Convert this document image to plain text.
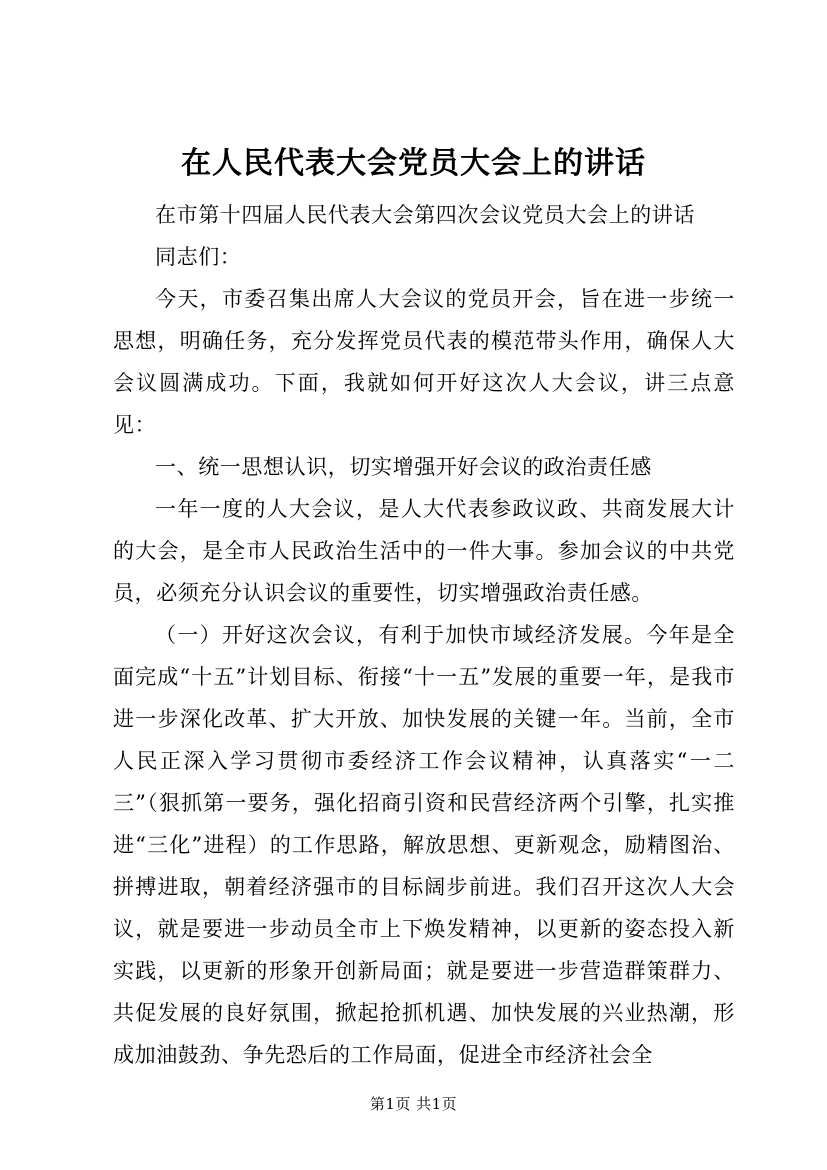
在人民代表大会党员大会上的讲话

在市第十四届人民代表大会第四次会议党员大会上的讲话

同志们：

今天，市委召集出席人大会议的党员开会，旨在进一步统一思想，明确任务，充分发挥党员代表的模范带头作用，确保人大会议圆满成功。下面，我就如何开好这次人大会议，讲三点意见：

一、统一思想认识，切实增强开好会议的政治责任感

一年一度的人大会议，是人大代表参政议政、共商发展大计的大会，是全市人民政治生活中的一件大事。参加会议的中共党员，必须充分认识会议的重要性，切实增强政治责任感。

（一）开好这次会议，有利于加快市域经济发展。今年是全面完成“十五”计划目标、衔接“十一五”发展的重要一年，是我市进一步深化改革、扩大开放、加快发展的关键一年。当前，全市人民正深入学习贯彻市委经济工作会议精神，认真落实“一二三”（狠抓第一要务，强化招商引资和民营经济两个引擎，扎实推进“三化”进程）的工作思路，解放思想、更新观念，励精图治、拼搏进取，朝着经济强市的目标阔步前进。我们召开这次人大会议，就是要进一步动员全市上下焕发精神，以更新的姿态投入新实践，以更新的形象开创新局面；就是要进一步营造群策群力、共促发展的良好氛围，掀起抢抓机遇、加快发展的兴业热潮，形成加油鼓劲、争先恐后的工作局面，促进全市经济社会全

第1页 共1页
